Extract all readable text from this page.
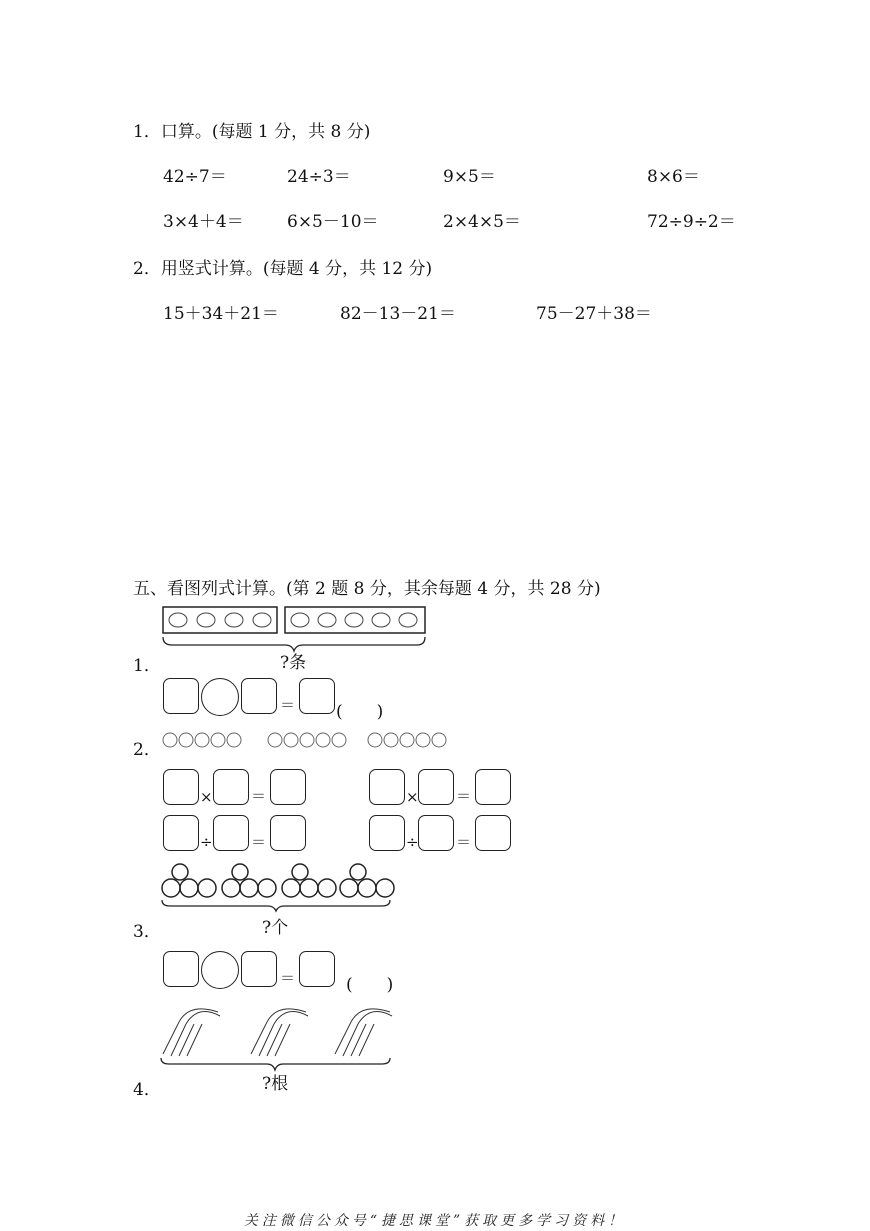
1．口算。(每题 1 分，共 8 分)
42÷7＝	24÷3＝	9×5＝	8×6＝
3×4＋4＝	6×5－10＝	2×4×5＝	72÷9÷2＝
2．用竖式计算。(每题 4 分，共 12 分)
15＋34＋21＝	82－13－21＝	75－27＋38＝
五、看图列式计算。(第 2 题 8 分，其余每题 4 分，共 28 分)
?条
1．
＝ (　　)
2．
×	＝	× ＝
÷	＝	÷ ＝
?个
3．
＝	(　　)
?根
4．
关注微信公众号“捷思课堂”获取更多学习资料！
